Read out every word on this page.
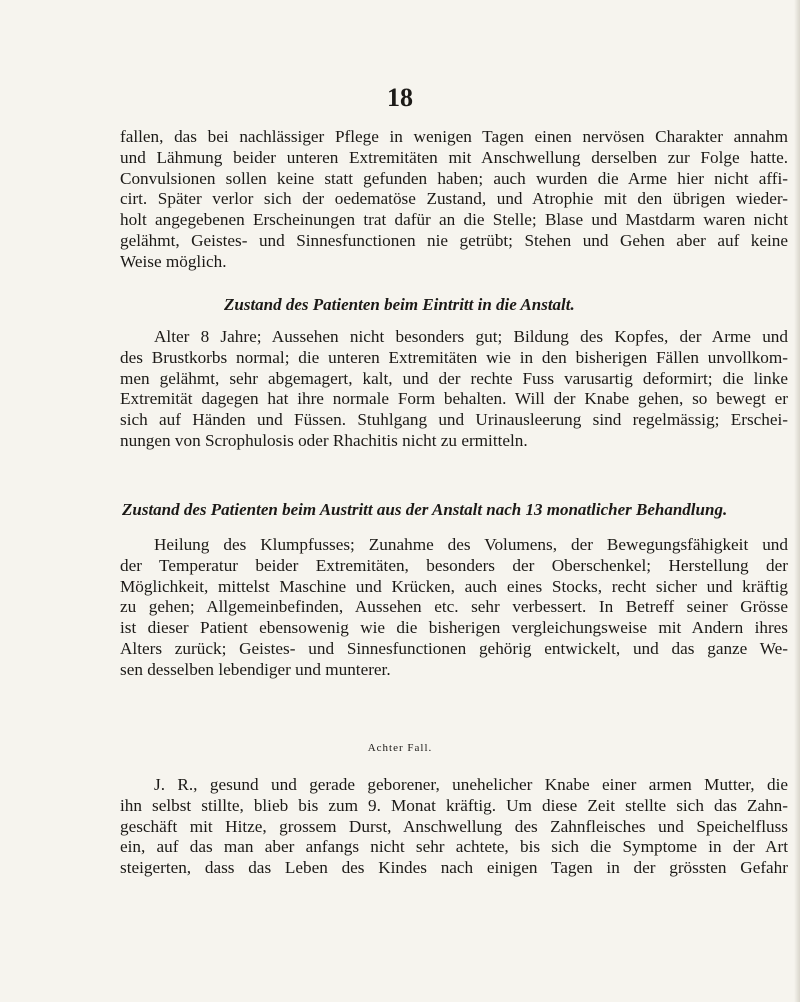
18
fallen, das bei nachlässiger Pflege in wenigen Tagen einen nervösen Charakter annahm
und Lähmung beider unteren Extremitäten mit Anschwellung derselben zur Folge hatte.
Convulsionen sollen keine statt gefunden haben; auch wurden die Arme hier nicht affi-
cirt. Später verlor sich der oedematöse Zustand, und Atrophie mit den übrigen wieder-
holt angegebenen Erscheinungen trat dafür an die Stelle; Blase und Mastdarm waren nicht
gelähmt, Geistes- und Sinnesfunctionen nie getrübt; Stehen und Gehen aber auf keine
Weise möglich.
Zustand des Patienten beim Eintritt in die Anstalt.
Alter 8 Jahre; Aussehen nicht besonders gut; Bildung des Kopfes, der Arme und
des Brustkorbs normal; die unteren Extremitäten wie in den bisherigen Fällen unvollkom-
men gelähmt, sehr abgemagert, kalt, und der rechte Fuss varusartig deformirt; die linke
Extremität dagegen hat ihre normale Form behalten. Will der Knabe gehen, so bewegt er
sich auf Händen und Füssen. Stuhlgang und Urinausleerung sind regelmässig; Erschei-
nungen von Scrophulosis oder Rhachitis nicht zu ermitteln.
Zustand des Patienten beim Austritt aus der Anstalt nach 13 monatlicher Behandlung.
Heilung des Klumpfusses; Zunahme des Volumens, der Bewegungsfähigkeit und
der Temperatur beider Extremitäten, besonders der Oberschenkel; Herstellung der
Möglichkeit, mittelst Maschine und Krücken, auch eines Stocks, recht sicher und kräftig
zu gehen; Allgemeinbefinden, Aussehen etc. sehr verbessert. In Betreff seiner Grösse
ist dieser Patient ebensowenig wie die bisherigen vergleichungsweise mit Andern ihres
Alters zurück; Geistes- und Sinnesfunctionen gehörig entwickelt, und das ganze We-
sen desselben lebendiger und munterer.
Achter Fall.
J. R., gesund und gerade geborener, unehelicher Knabe einer armen Mutter, die
ihn selbst stillte, blieb bis zum 9. Monat kräftig. Um diese Zeit stellte sich das Zahn-
geschäft mit Hitze, grossem Durst, Anschwellung des Zahnfleisches und Speichelfluss
ein, auf das man aber anfangs nicht sehr achtete, bis sich die Symptome in der Art
steigerten, dass das Leben des Kindes nach einigen Tagen in der grössten Gefahr
